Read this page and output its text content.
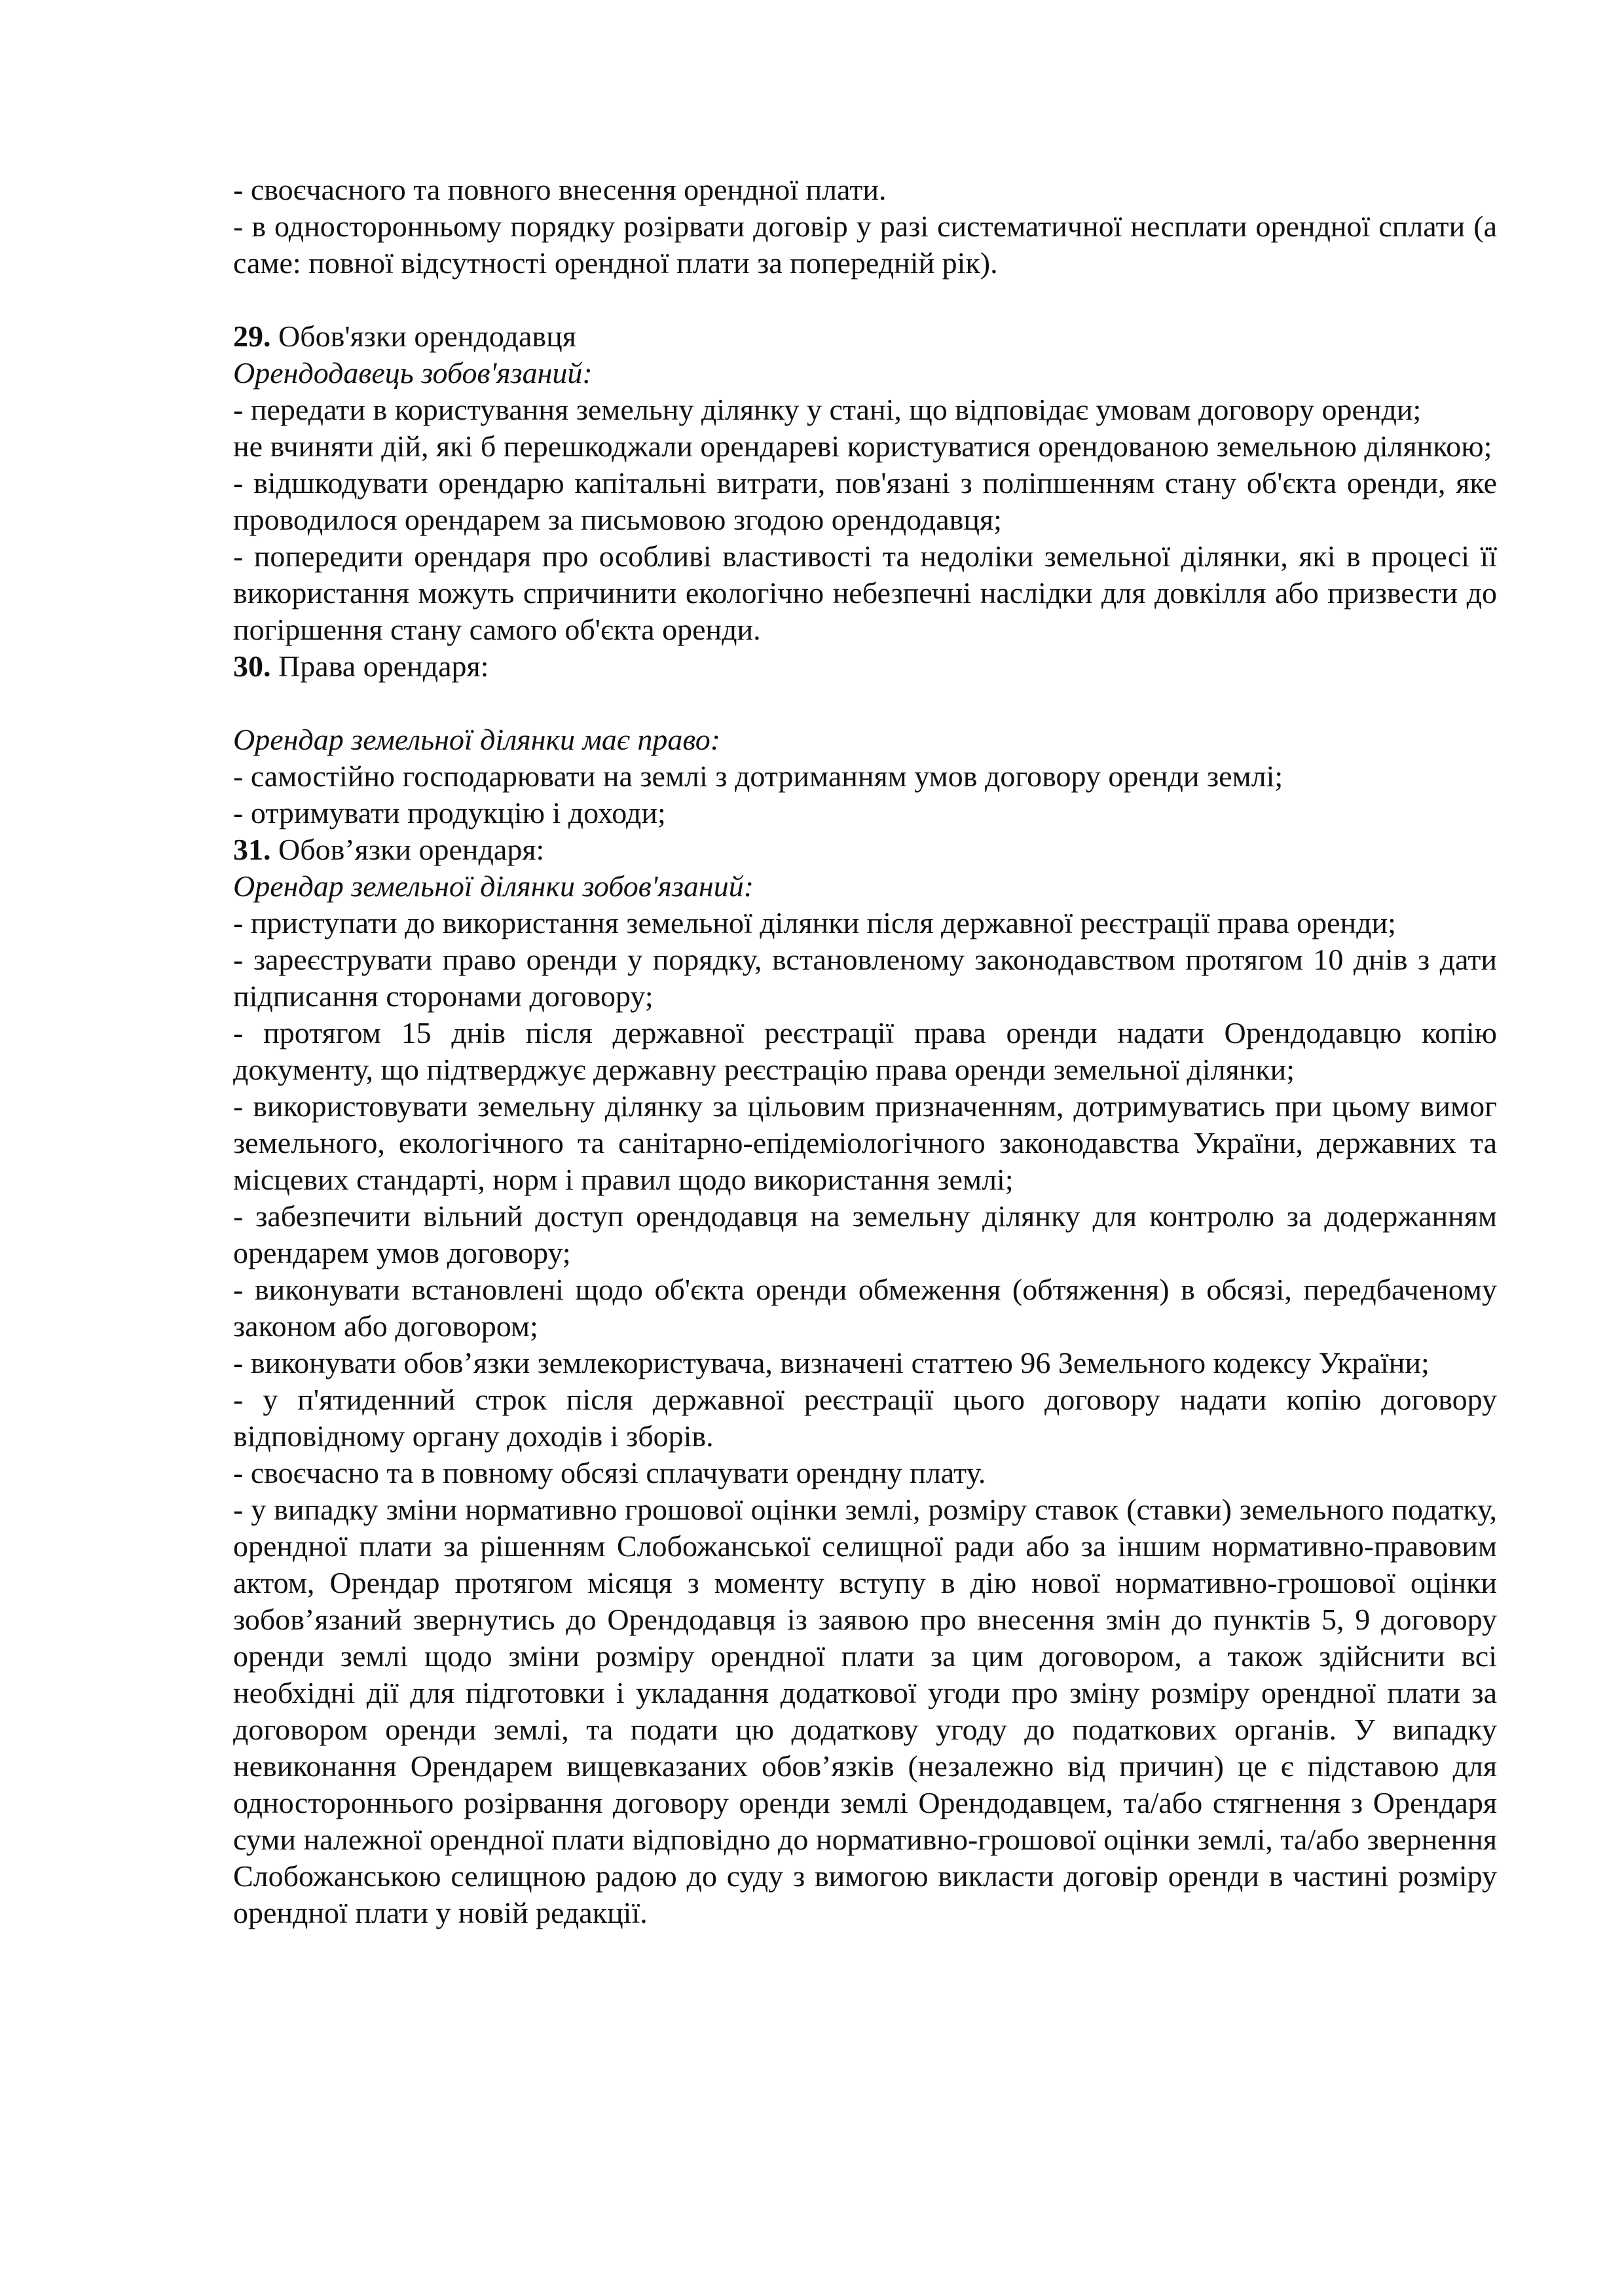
- своєчасного та повного внесення орендної плати.

- в односторонньому порядку розірвати договір у разі систематичної несплати орендної сплати (а саме: повної відсутності орендної плати за попередній рік).

29. Обов'язки орендодавця

Орендодавець зобов'язаний:

- передати в користування земельну ділянку у стані, що відповідає умовам договору оренди;

не вчиняти дій, які б перешкоджали орендареві користуватися орендованою земельною ділянкою;

- відшкодувати орендарю капітальні витрати, пов'язані з поліпшенням стану об'єкта оренди, яке проводилося орендарем за письмовою згодою орендодавця;

- попередити орендаря про особливі властивості та недоліки земельної ділянки, які в процесі її використання можуть спричинити екологічно небезпечні наслідки для довкілля або призвести до погіршення стану самого об'єкта оренди.

30. Права орендаря:

Орендар земельної ділянки має право:

- самостійно господарювати на землі з дотриманням умов договору оренди землі;

- отримувати продукцію і доходи;

31. Обов’язки орендаря:

Орендар земельної ділянки зобов'язаний:

- приступати до використання земельної ділянки після державної реєстрації права оренди;

- зареєструвати право оренди у порядку, встановленому законодавством протягом 10 днів з дати підписання сторонами договору;

- протягом 15 днів після державної реєстрації права оренди надати Орендодавцю копію документу, що підтверджує державну реєстрацію права оренди земельної ділянки;

- використовувати земельну ділянку за цільовим призначенням, дотримуватись при цьому вимог земельного, екологічного та санітарно-епідеміологічного законодавства України, державних та місцевих стандарті, норм і правил щодо використання землі;

- забезпечити вільний доступ орендодавця на земельну ділянку для контролю за додержанням орендарем умов договору;

- виконувати встановлені щодо об'єкта оренди обмеження (обтяження) в обсязі, передбаченому законом або договором;

- виконувати обов’язки землекористувача, визначені статтею 96 Земельного кодексу України;

- у п'ятиденний строк після державної реєстрації цього договору надати копію договору відповідному органу доходів і зборів.

- своєчасно та в повному обсязі сплачувати орендну плату.

- у випадку зміни нормативно грошової оцінки землі, розміру ставок (ставки) земельного податку, орендної плати за рішенням Слобожанської селищної ради або за іншим нормативно-правовим актом, Орендар протягом місяця з моменту вступу в дію нової нормативно-грошової оцінки зобов’язаний звернутись до Орендодавця із заявою про внесення змін до пунктів 5, 9 договору оренди землі щодо зміни розміру орендної плати за цим договором, а також здійснити всі необхідні дії для підготовки і укладання додаткової угоди про зміну розміру орендної плати за договором оренди землі, та подати цю додаткову угоду до податкових органів. У випадку невиконання Орендарем вищевказаних обов’язків (незалежно від причин) це є підставою для одностороннього розірвання договору оренди землі Орендодавцем, та/або стягнення з Орендаря суми належної орендної плати відповідно до нормативно-грошової оцінки землі, та/або звернення Слобожанською селищною радою до суду з вимогою викласти договір оренди в частині розміру орендної плати у новій редакції.
